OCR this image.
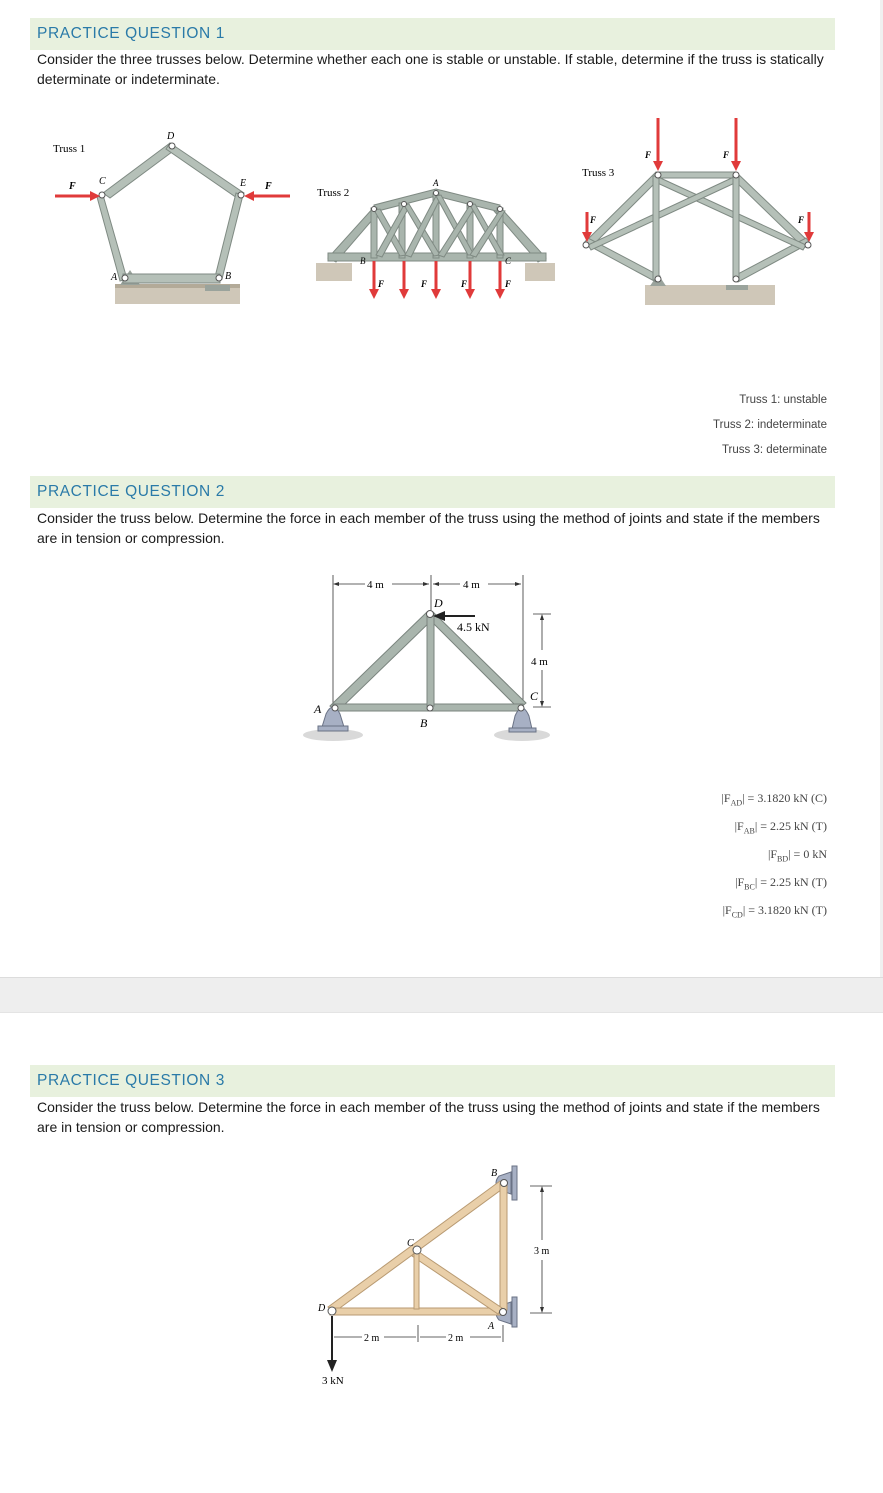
PRACTICE QUESTION 1
Consider the three trusses below. Determine whether each one is stable or unstable. If stable, determine if the truss is statically determinate or indeterminate.
Truss 1
D
C	E
F	F
A	B
Truss 2
A
B	C
F	F	F	F
Truss 3
F	F
F	F
Truss 1: unstable
Truss 2: indeterminate
Truss 3: determinate
PRACTICE QUESTION 2
Consider the truss below. Determine the force in each member of the truss using the method of joints and state if the members are in tension or compression.
4 m	4 m
4 m
4.5 kN
A
B
C
D
$|F_{AD}| = 3.1820$ kN (C)
$|F_{AB}| = 2.25$ kN (T)
$|F_{BD}| = 0$ kN
$|F_{BC}| = 2.25$ kN (T)
$|F_{CD}| = 3.1820$ kN (T)
PRACTICE QUESTION 3
Consider the truss below. Determine the force in each member of the truss using the method of joints and state if the members are in tension or compression.
2 m	2 m
3 m
3 kN
A
B
C
D
